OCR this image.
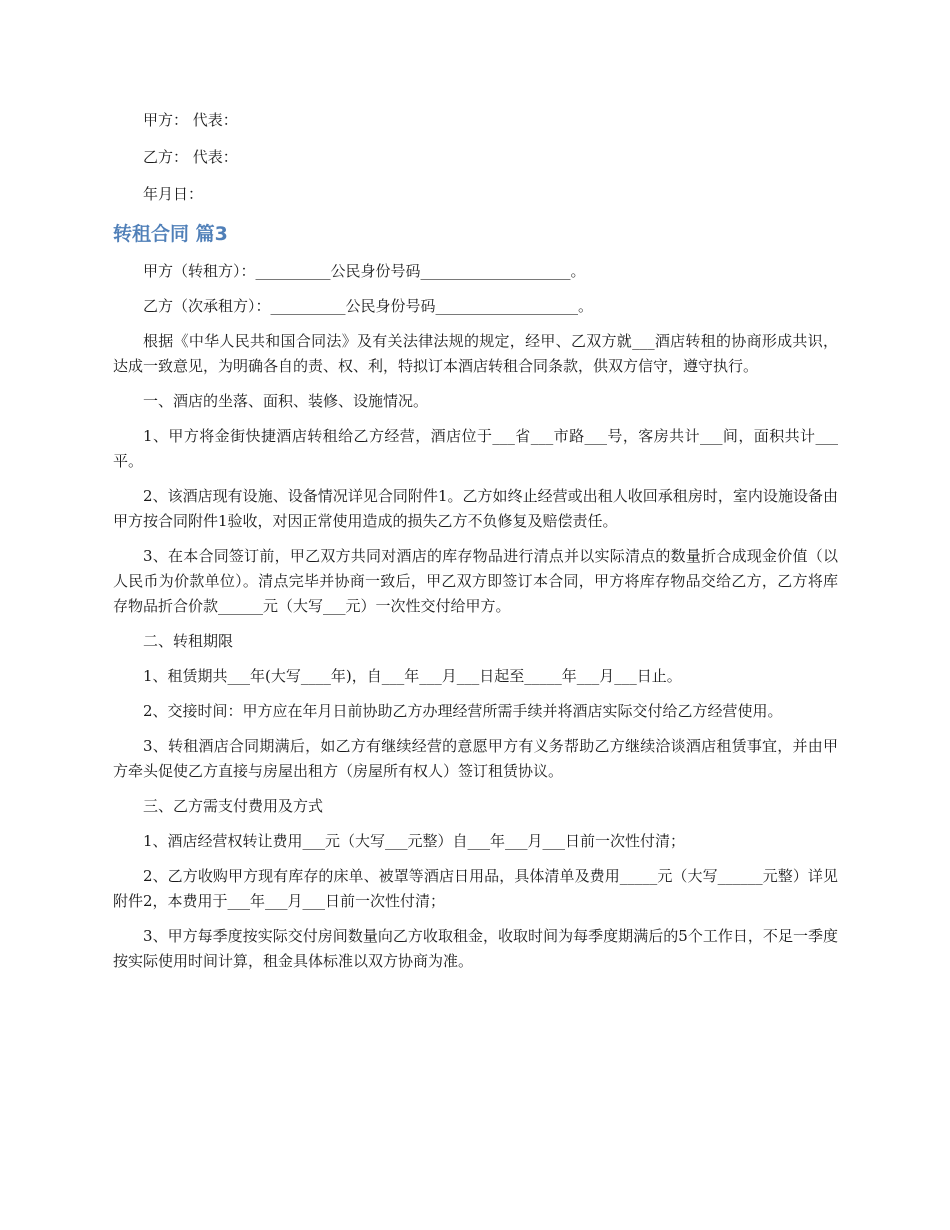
甲方： 代表：

乙方： 代表：

年月日：

转租合同 篇3

甲方（转租方）：__________公民身份号码____________________。

乙方（次承租方）：__________公民身份号码___________________。

根据《中华人民共和国合同法》及有关法律法规的规定，经甲、乙双方就___酒店转租的协商形成共识，达成一致意见，为明确各自的责、权、利，特拟订本酒店转租合同条款，供双方信守，遵守执行。

一、酒店的坐落、面积、装修、设施情况。

1、甲方将金街快捷酒店转租给乙方经营，酒店位于___省___市路___号，客房共计___间，面积共计___平。

2、该酒店现有设施、设备情况详见合同附件1。乙方如终止经营或出租人收回承租房时，室内设施设备由甲方按合同附件1验收，对因正常使用造成的损失乙方不负修复及赔偿责任。

3、在本合同签订前，甲乙双方共同对酒店的库存物品进行清点并以实际清点的数量折合成现金价值（以人民币为价款单位）。清点完毕并协商一致后，甲乙双方即签订本合同，甲方将库存物品交给乙方，乙方将库存物品折合价款______元（大写___元）一次性交付给甲方。

二、转租期限

1、租赁期共___年(大写____年)，自___年___月___日起至_____年___月___日止。

2、交接时间：甲方应在年月日前协助乙方办理经营所需手续并将酒店实际交付给乙方经营使用。

3、转租酒店合同期满后，如乙方有继续经营的意愿甲方有义务帮助乙方继续洽谈酒店租赁事宜，并由甲方牵头促使乙方直接与房屋出租方（房屋所有权人）签订租赁协议。

三、乙方需支付费用及方式

1、酒店经营权转让费用___元（大写___元整）自___年___月___日前一次性付清；

2、乙方收购甲方现有库存的床单、被罩等酒店日用品，具体清单及费用_____元（大写______元整）详见附件2，本费用于___年___月___日前一次性付清；

3、甲方每季度按实际交付房间数量向乙方收取租金，收取时间为每季度期满后的5个工作日，不足一季度按实际使用时间计算，租金具体标准以双方协商为准。
